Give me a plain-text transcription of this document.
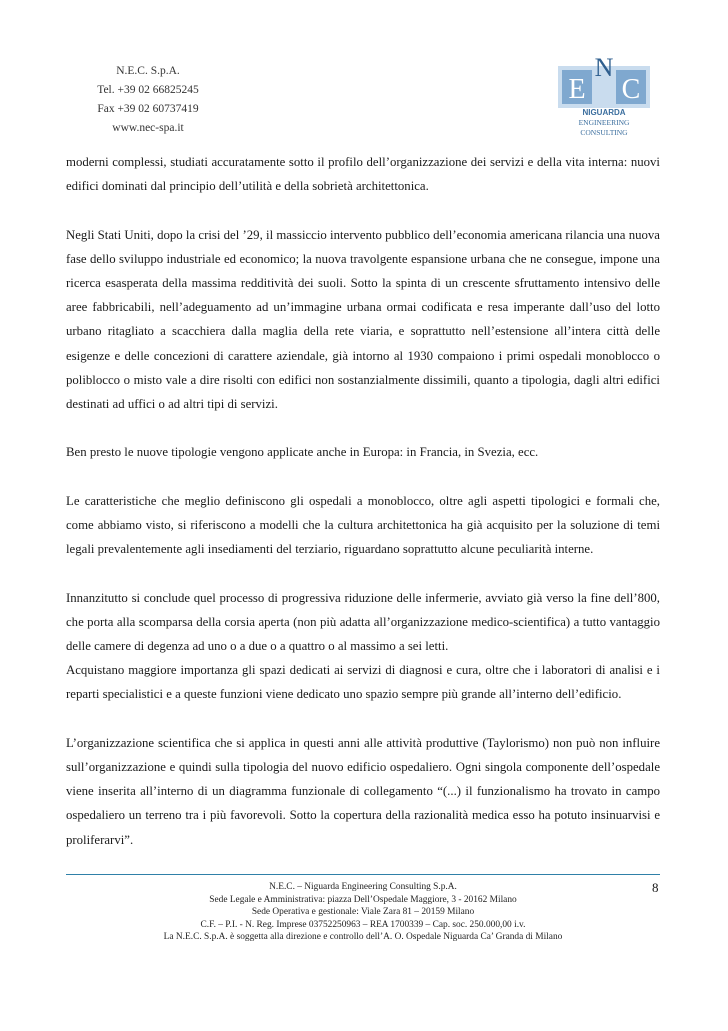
N.E.C. S.p.A.
Tel. +39 02 66825245
Fax +39 02 60737419
www.nec-spa.it
E
N
C
NIGUARDA
ENGINEERING
CONSULTING

moderni complessi, studiati accuratamente sotto il profilo dell’organizzazione dei servizi e della vita interna: nuovi edifici dominati dal principio dell’utilità e della sobrietà architettonica.

Negli Stati Uniti, dopo la crisi del ’29, il massiccio intervento pubblico dell’economia americana rilancia una nuova fase dello sviluppo industriale ed economico; la nuova travolgente espansione urbana che ne consegue, impone una ricerca esasperata della massima redditività dei suoli. Sotto la spinta di un crescente sfruttamento intensivo delle aree fabbricabili, nell’adeguamento ad un’immagine urbana ormai codificata e resa imperante dall’uso del lotto urbano ritagliato a scacchiera dalla maglia della rete viaria, e soprattutto nell’estensione all’intera città delle esigenze e delle concezioni di carattere aziendale, già intorno al 1930 compaiono i primi ospedali monoblocco o poliblocco o misto vale a dire risolti con edifici non sostanzialmente dissimili, quanto a tipologia, dagli altri edifici destinati ad uffici o ad altri tipi di servizi.

Ben presto le nuove tipologie vengono applicate anche in Europa: in Francia, in Svezia, ecc.

Le caratteristiche che meglio definiscono gli ospedali a monoblocco, oltre agli aspetti tipologici e formali che, come abbiamo visto, si riferiscono a modelli che la cultura architettonica ha già acquisito per la soluzione di temi legali prevalentemente agli insediamenti del terziario, riguardano soprattutto alcune peculiarità interne.

Innanzitutto si conclude quel processo di progressiva riduzione delle infermerie, avviato già verso la fine dell’800, che porta alla scomparsa della corsia aperta (non più adatta all’organizzazione medico-scientifica) a tutto vantaggio delle camere di degenza ad uno o a due o a quattro o al massimo a sei letti.

Acquistano maggiore importanza gli spazi dedicati ai servizi di diagnosi e cura, oltre che i laboratori di analisi e i reparti specialistici e a queste funzioni viene dedicato uno spazio sempre più grande all’interno dell’edificio.

L’organizzazione scientifica che si applica in questi anni alle attività produttive (Taylorismo) non può non influire sull’organizzazione e quindi sulla tipologia del nuovo edificio ospedaliero. Ogni singola componente dell’ospedale viene inserita all’interno di un diagramma funzionale di collegamento “(...) il funzionalismo ha trovato in campo ospedaliero un terreno tra i più favorevoli. Sotto la copertura della razionalità medica esso ha potuto insinuarvisi e proliferarvi”.

8
N.E.C. – Niguarda Engineering Consulting S.p.A.
Sede Legale e Amministrativa: piazza Dell’Ospedale Maggiore, 3 - 20162 Milano
Sede Operativa e gestionale: Viale Zara 81 – 20159 Milano
C.F. – P.I. - N. Reg. Imprese 03752250963 – REA 1700339 – Cap. soc. 250.000,00 i.v.
La N.E.C. S.p.A. è soggetta alla direzione e controllo dell’A. O. Ospedale Niguarda Ca’ Granda di Milano
